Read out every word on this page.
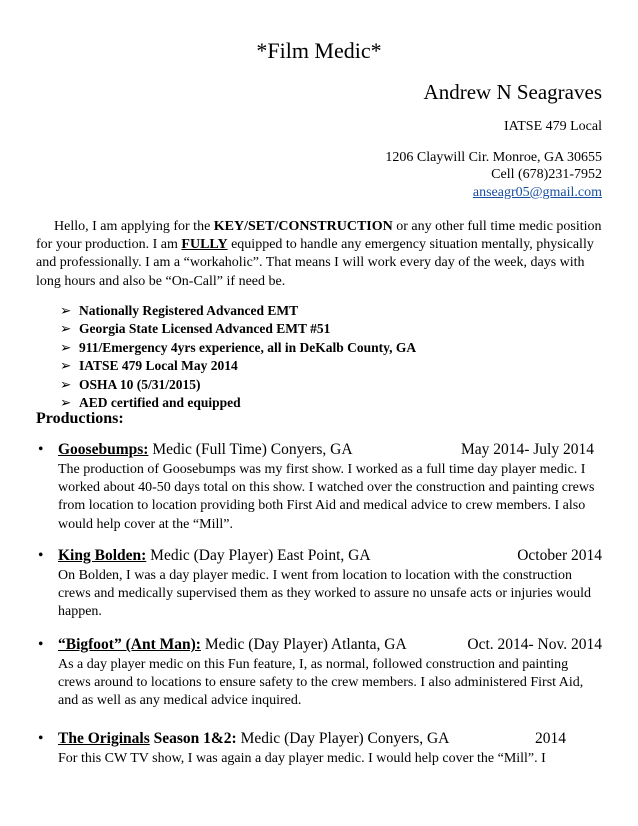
*Film Medic*
Andrew N Seagraves
IATSE 479 Local
1206 Claywill Cir. Monroe, GA 30655
Cell (678)231-7952
anseagr05@gmail.com
Hello, I am applying for the KEY/SET/CONSTRUCTION or any other full time medic position for your production. I am FULLY equipped to handle any emergency situation mentally, physically and professionally. I am a “workaholic”. That means I will work every day of the week, days with long hours and also be “On-Call” if need be.
➢ Nationally Registered Advanced EMT
➢ Georgia State Licensed Advanced EMT #51
➢ 911/Emergency 4yrs experience, all in DeKalb County, GA
➢ IATSE 479 Local May 2014
➢ OSHA 10 (5/31/2015)
➢ AED certified and equipped
Productions:
• Goosebumps: Medic (Full Time) Conyers, GA	May 2014- July 2014
The production of Goosebumps was my first show. I worked as a full time day player medic. I worked about 40-50 days total on this show. I watched over the construction and painting crews from location to location providing both First Aid and medical advice to crew members. I also would help cover at the “Mill”.
• King Bolden: Medic (Day Player) East Point, GA	October 2014
On Bolden, I was a day player medic. I went from location to location with the construction crews and medically supervised them as they worked to assure no unsafe acts or injuries would happen.
• “Bigfoot” (Ant Man): Medic (Day Player) Atlanta, GA	Oct. 2014- Nov. 2014
As a day player medic on this Fun feature, I, as normal, followed construction and painting crews around to locations to ensure safety to the crew members. I also administered First Aid, and as well as any medical advice inquired.
• The Originals Season 1&2: Medic (Day Player) Conyers, GA	2014
For this CW TV show, I was again a day player medic. I would help cover the “Mill”. I
